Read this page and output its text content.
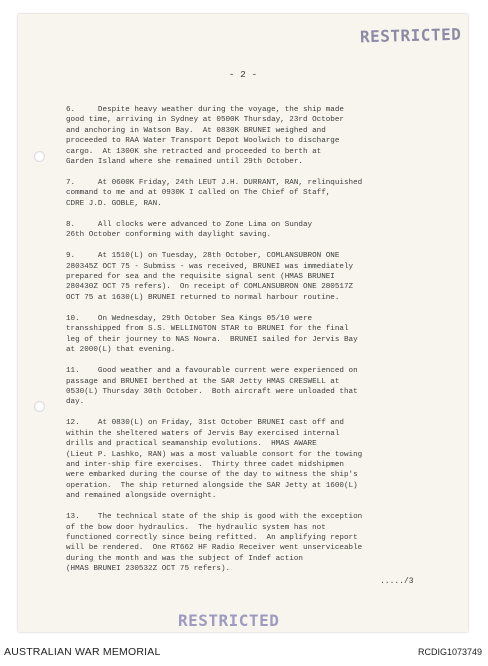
RESTRICTED
- 2 -

6.     Despite heavy weather during the voyage, the ship made
good time, arriving in Sydney at 0500K Thursday, 23rd October
and anchoring in Watson Bay.  At 0830K BRUNEI weighed and
proceeded to RAA Water Transport Depot Woolwich to discharge
cargo.  At 1300K she retracted and proceeded to berth at
Garden Island where she remained until 29th October.

7.     At 0600K Friday, 24th LEUT J.H. DURRANT, RAN, relinquished
command to me and at 0930K I called on The Chief of Staff,
CDRE J.D. GOBLE, RAN.

8.     All clocks were advanced to Zone Lima on Sunday
26th October conforming with daylight saving.

9.     At 1510(L) on Tuesday, 28th October, COMLANSUBRON ONE
280345Z OCT 75 - Submiss - was received, BRUNEI was immediately
prepared for sea and the requisite signal sent (HMAS BRUNEI
280430Z OCT 75 refers).  On receipt of COMLANSUBRON ONE 280517Z
OCT 75 at 1630(L) BRUNEI returned to normal harbour routine.

10.    On Wednesday, 29th October Sea Kings 05/10 were
transshipped from S.S. WELLINGTON STAR to BRUNEI for the final
leg of their journey to NAS Nowra.  BRUNEI sailed for Jervis Bay
at 2000(L) that evening.

11.    Good weather and a favourable current were experienced on
passage and BRUNEI berthed at the SAR Jetty HMAS CRESWELL at
0530(L) Thursday 30th October.  Both aircraft were unloaded that
day.

12.    At 0830(L) on Friday, 31st October BRUNEI cast off and
within the sheltered waters of Jervis Bay exercised internal
drills and practical seamanship evolutions.  HMAS AWARE
(Lieut P. Lashko, RAN) was a most valuable consort for the towing
and inter-ship fire exercises.  Thirty three cadet midshipmen
were embarked during the course of the day to witness the ship's
operation.  The ship returned alongside the SAR Jetty at 1600(L)
and remained alongside overnight.

13.    The technical state of the ship is good with the exception
of the bow door hydraulics.  The hydraulic system has not
functioned correctly since being refitted.  An amplifying report
will be rendered.  One RT662 HF Radio Receiver went unserviceable
during the month and was the subject of Indef action
(HMAS BRUNEI 230532Z OCT 75 refers).

...../3
RESTRICTED
AUSTRALIAN WAR MEMORIAL	RCDIG1073749
